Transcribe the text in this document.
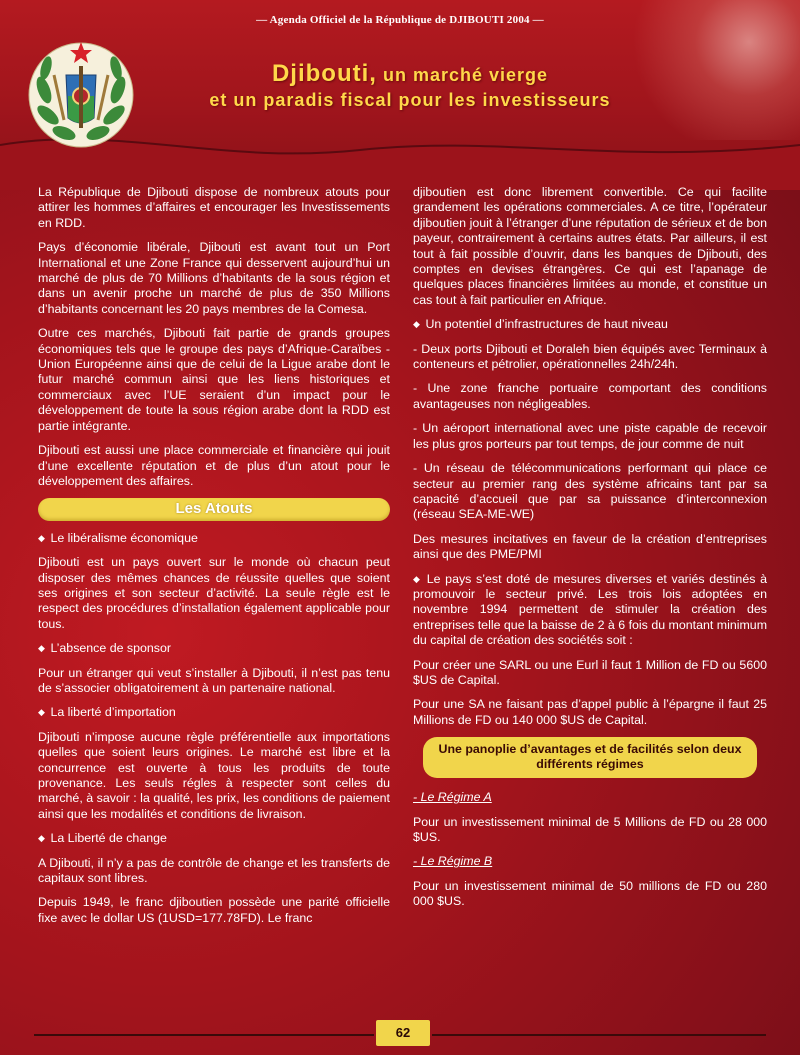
— Agenda Officiel de la République de DJIBOUTI 2004 —
Djibouti, un marché vierge
et un paradis fiscal pour les investisseurs

La République de Djibouti dispose de nombreux atouts pour attirer les hommes d’affaires et encourager les Investissements en RDD.

Pays d’économie libérale, Djibouti est avant tout un Port International et une Zone France qui desservent aujourd’hui un marché de plus de 70 Millions d’habitants de la sous région et dans un avenir proche un marché de plus de 350 Millions d’habitants concernant les 20 pays membres de la Comesa.

Outre ces marchés, Djibouti fait partie de grands groupes économiques tels que le groupe des pays d’Afrique-Caraïbes -Union Européenne ainsi que de celui de la Ligue arabe dont le futur marché commun ainsi que les liens historiques et commerciaux avec l’UE seraient d’un impact pour le développement de toute la sous région arabe dont la RDD est partie intégrante.

Djibouti est aussi une place commerciale et financière qui jouit d’une excellente réputation et de plus d’un atout pour le développement des affaires.

Les Atouts
◆ Le libéralisme économique

Djibouti est un pays ouvert sur le monde où chacun peut disposer des mêmes chances de réussite quelles que soient ses origines et son secteur d’activité. La seule règle est le respect des procédures d’installation également applicable pour tous.

◆ L’absence de sponsor

Pour un étranger qui veut s’installer à Djibouti, il n’est pas tenu de s’associer obligatoirement à un partenaire national.

◆ La liberté d’importation

Djibouti n’impose aucune règle préférentielle aux importations quelles que soient leurs origines. Le marché est libre et la concurrence est ouverte à tous les produits de toute provenance. Les seuls régles à respecter sont celles du marché, à savoir : la qualité, les prix, les conditions de paiement ainsi que les modalités et conditions de livraison.

◆ La Liberté de change

A Djibouti, il n’y a pas de contrôle de change et les transferts de capitaux sont libres.

Depuis 1949, le franc djiboutien possède une parité officielle fixe avec le dollar US (1USD=177.78FD). Le franc

djiboutien est donc librement convertible. Ce qui facilite grandement les opérations commerciales. A ce titre, l’opérateur djiboutien jouit à l’étranger d’une réputation de sérieux et de bon payeur, contrairement à certains autres états. Par ailleurs, il est tout à fait possible d’ouvrir, dans les banques de Djibouti, des comptes en devises étrangères. Ce qui est l’apanage de quelques places financières limitées au monde, et constitue un cas tout à fait particulier en Afrique.

◆ Un potentiel d’infrastructures de haut niveau

- Deux ports Djibouti et Doraleh bien équipés avec Terminaux à conteneurs et pétrolier, opérationnelles 24h/24h.

- Une zone franche portuaire comportant des conditions avantageuses non négligeables.

- Un aéroport international avec une piste capable de recevoir les plus gros porteurs par tout temps, de jour comme de nuit

- Un réseau de télécommunications performant qui place ce secteur au premier rang des système africains tant par sa capacité d’accueil que par sa puissance d’interconnexion (réseau SEA-ME-WE)

Des mesures incitatives en faveur de la création d’entreprises ainsi que des PME/PMI

◆ Le pays s’est doté de mesures diverses et variés destinés à promouvoir le secteur privé. Les trois lois adoptées en novembre 1994 permettent de stimuler la création des entreprises telle que la baisse de 2 à 6 fois du montant minimum du capital de création des sociétés soit :

Pour créer une SARL ou une Eurl il faut 1 Million de FD ou 5600 $US de Capital.

Pour une SA ne faisant pas d’appel public à l’épargne il faut 25 Millions de FD ou 140 000 $US de Capital.

Une panoplie d’avantages et de facilités selon deux différents régimes

- Le Régime A

Pour un investissement minimal de 5 Millions de FD ou 28 000 $US.

- Le Régime B

Pour un investissement minimal de 50 millions de FD ou 280 000 $US.

62
